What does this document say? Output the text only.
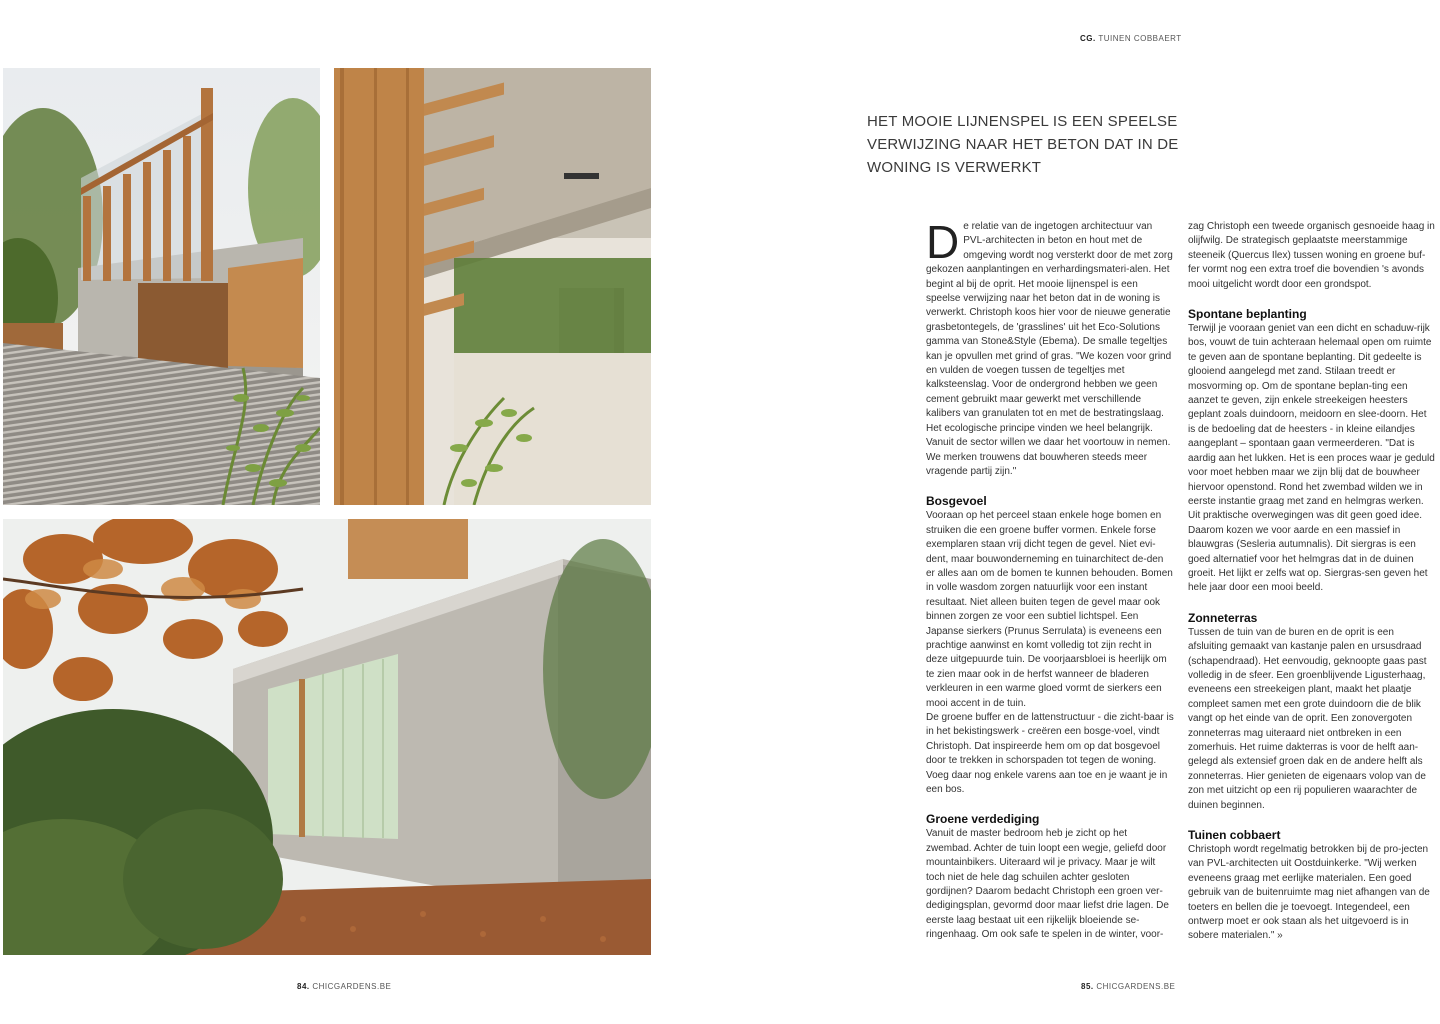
CG. TUINEN COBBAERT
84. CHICGARDENS.BE	85. CHICGARDENS.BE
HET MOOIE LIJNENSPEL IS EEN SPEELSE VERWIJZING NAAR HET BETON DAT IN DE WONING IS VERWERKT

De relatie van de ingetogen architectuur van PVL-architecten in beton en hout met de omgeving wordt nog versterkt door de met zorg gekozen aanplantingen en verhardingsmateri-alen. Het begint al bij de oprit. Het mooie lijnenspel is een speelse verwijzing naar het beton dat in de woning is verwerkt. Christoph koos hier voor de nieuwe generatie grasbetontegels, de 'grasslines' uit het Eco-Solutions gamma van Stone&Style (Ebema). De smalle tegeltjes kan je opvullen met grind of gras. "We kozen voor grind en vulden de voegen tussen de tegeltjes met kalksteenslag. Voor de ondergrond hebben we geen cement gebruikt maar gewerkt met verschillende kalibers van granulaten tot en met de bestratingslaag. Het ecologische principe vinden we heel belangrijk. Vanuit de sector willen we daar het voortouw in nemen. We merken trouwens dat bouwheren steeds meer vragende partij zijn."

Bosgevoel

Vooraan op het perceel staan enkele hoge bomen en struiken die een groene buffer vormen. Enkele forse exemplaren staan vrij dicht tegen de gevel. Niet evi-dent, maar bouwonderneming en tuinarchitect de-den er alles aan om de bomen te kunnen behouden. Bomen in volle wasdom zorgen natuurlijk voor een instant resultaat. Niet alleen buiten tegen de gevel maar ook binnen zorgen ze voor een subtiel lichtspel. Een Japanse sierkers (Prunus Serrulata) is eveneens een prachtige aanwinst en komt volledig tot zijn recht in deze uitgepuurde tuin. De voorjaarsbloei is heerlijk om te zien maar ook in de herfst wanneer de bladeren verkleuren in een warme gloed vormt de sierkers een mooi accent in de tuin.

De groene buffer en de lattenstructuur - die zicht-baar is in het bekistingswerk - creëren een bosge-voel, vindt Christoph. Dat inspireerde hem om op dat bosgevoel door te trekken in schorspaden tot tegen de woning. Voeg daar nog enkele varens aan toe en je waant je in een bos.

Groene verdediging

Vanuit de master bedroom heb je zicht op het zwembad. Achter de tuin loopt een wegje, geliefd door mountainbikers. Uiteraard wil je privacy. Maar je wilt toch niet de hele dag schuilen achter gesloten gordijnen? Daarom bedacht Christoph een groen ver-dedigingsplan, gevormd door maar liefst drie lagen. De eerste laag bestaat uit een rijkelijk bloeiende se-ringenhaag. Om ook safe te spelen in de winter, voor-

zag Christoph een tweede organisch gesnoeide haag in olijfwilg. De strategisch geplaatste meerstammige steeneik (Quercus Ilex) tussen woning en groene buf-fer vormt nog een extra troef die bovendien 's avonds mooi uitgelicht wordt door een grondspot.

Spontane beplanting

Terwijl je vooraan geniet van een dicht en schaduw-rijk bos, vouwt de tuin achteraan helemaal open om ruimte te geven aan de spontane beplanting. Dit gedeelte is glooiend aangelegd met zand. Stilaan treedt er mosvorming op. Om de spontane beplan-ting een aanzet te geven, zijn enkele streekeigen heesters geplant zoals duindoorn, meidoorn en slee-doorn. Het is de bedoeling dat de heesters - in kleine eilandjes aangeplant – spontaan gaan vermeerderen. "Dat is aardig aan het lukken. Het is een proces waar je geduld voor moet hebben maar we zijn blij dat de bouwheer hiervoor openstond. Rond het zwembad wilden we in eerste instantie graag met zand en helmgras werken. Uit praktische overwegingen was dit geen goed idee. Daarom kozen we voor aarde en een massief in blauwgras (Sesleria autumnalis). Dit siergras is een goed alternatief voor het helmgras dat in de duinen groeit. Het lijkt er zelfs wat op. Siergras-sen geven het hele jaar door een mooi beeld.

Zonneterras

Tussen de tuin van de buren en de oprit is een afsluiting gemaakt van kastanje palen en ursusdraad (schapendraad). Het eenvoudig, geknoopte gaas past volledig in de sfeer. Een groenblijvende Ligusterhaag, eveneens een streekeigen plant, maakt het plaatje compleet samen met een grote duindoorn die de blik vangt op het einde van de oprit. Een zonovergoten zonneterras mag uiteraard niet ontbreken in een zomerhuis. Het ruime dakterras is voor de helft aan-gelegd als extensief groen dak en de andere helft als zonneterras. Hier genieten de eigenaars volop van de zon met uitzicht op een rij populieren waarachter de duinen beginnen.

Tuinen cobbaert

Christoph wordt regelmatig betrokken bij de pro-jecten van PVL-architecten uit Oostduinkerke. "Wij werken eveneens graag met eerlijke materialen. Een goed gebruik van de buitenruimte mag niet afhangen van de toeters en bellen die je toevoegt. Integendeel, een ontwerp moet er ook staan als het uitgevoerd is in sobere materialen." »
